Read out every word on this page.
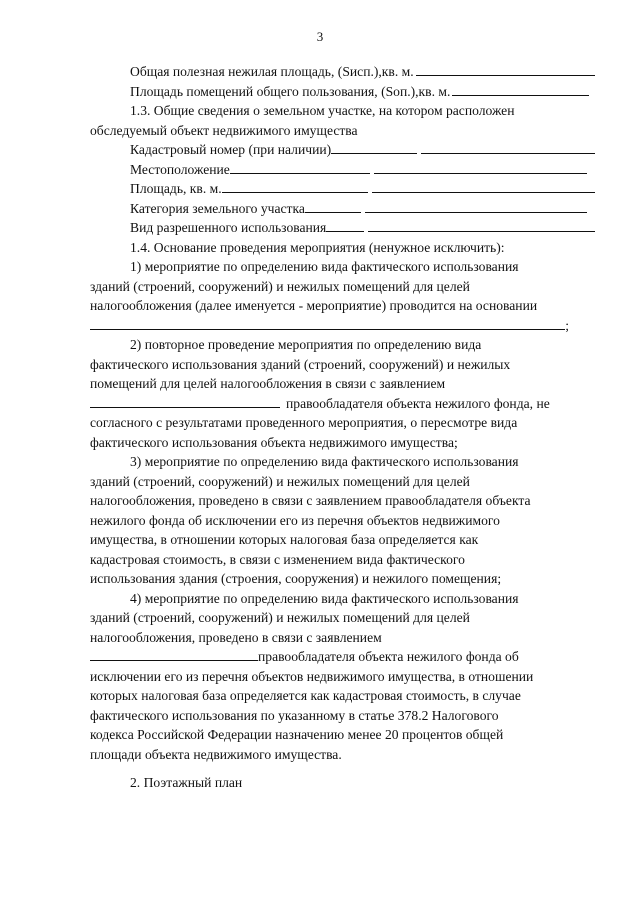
3
Общая полезная нежилая площадь, (Sисп.),кв. м.
Площадь помещений общего пользования, (Sоп.),кв. м.
1.3. Общие сведения о земельном участке, на котором расположен
обследуемый объект недвижимого имущества
Кадастровый номер (при наличии)
Местоположение
Площадь, кв. м.
Категория земельного участка
Вид разрешенного использования
1.4. Основание проведения мероприятия (ненужное исключить):
1) мероприятие по определению вида фактического использования
зданий (строений, сооружений) и нежилых помещений для целей
налогообложения (далее именуется - мероприятие) проводится на основании
;
2) повторное проведение мероприятия по определению вида
фактического использования зданий (строений, сооружений) и нежилых
помещений для целей налогообложения в связи с заявлением
правообладателя объекта нежилого фонда, не
согласного с результатами проведенного мероприятия, о пересмотре вида
фактического использования объекта недвижимого имущества;
3) мероприятие по определению вида фактического использования
зданий (строений, сооружений) и нежилых помещений для целей
налогообложения, проведено в связи с заявлением правообладателя объекта
нежилого фонда об исключении его из перечня объектов недвижимого
имущества, в отношении которых налоговая база определяется как
кадастровая стоимость, в связи с изменением вида фактического
использования здания (строения, сооружения) и нежилого помещения;
4) мероприятие по определению вида фактического использования
зданий (строений, сооружений) и нежилых помещений для целей
налогообложения, проведено в связи с заявлением
правообладателя объекта нежилого фонда об
исключении его из перечня объектов недвижимого имущества, в отношении
которых налоговая база определяется как кадастровая стоимость, в случае
фактического использования по указанному в статье 378.2 Налогового
кодекса Российской Федерации назначению менее 20 процентов общей
площади объекта недвижимого имущества.
2. Поэтажный план
